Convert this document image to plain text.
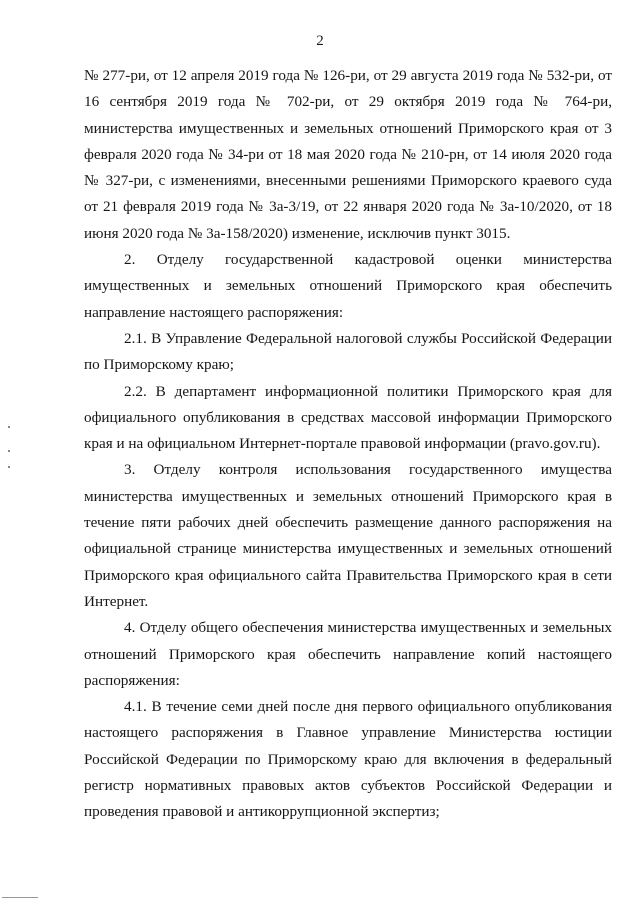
2

№ 277-ри, от 12 апреля 2019 года № 126-ри, от 29 августа 2019 года № 532-ри, от 16 сентября 2019 года № 702-ри, от 29 октября 2019 года № 764-ри, министерства имущественных и земельных отношений Приморского края от 3 февраля 2020 года № 34-ри от 18 мая 2020 года № 210-рн, от 14 июля 2020 года № 327-ри, с изменениями, внесенными решениями Приморского краевого суда от 21 февраля 2019 года № 3а-3/19, от 22 января 2020 года № 3а-10/2020, от 18 июня 2020 года № 3а-158/2020) изменение, исключив пункт 3015.

2. Отделу государственной кадастровой оценки министерства имущественных и земельных отношений Приморского края обеспечить направление настоящего распоряжения:

2.1. В Управление Федеральной налоговой службы Российской Федерации по Приморскому краю;

2.2. В департамент информационной политики Приморского края для официального опубликования в средствах массовой информации Приморского края и на официальном Интернет-портале правовой информации (pravo.gov.ru).

3. Отделу контроля использования государственного имущества министерства имущественных и земельных отношений Приморского края в течение пяти рабочих дней обеспечить размещение данного распоряжения на официальной странице министерства имущественных и земельных отношений Приморского края официального сайта Правительства Приморского края в сети Интернет.

4. Отделу общего обеспечения министерства имущественных и земельных отношений Приморского края обеспечить направление копий настоящего распоряжения:

4.1. В течение семи дней после дня первого официального опубликования настоящего распоряжения в Главное управление Министерства юстиции Российской Федерации по Приморскому краю для включения в федеральный регистр нормативных правовых актов субъектов Российской Федерации и проведения правовой и антикоррупционной экспертиз;
